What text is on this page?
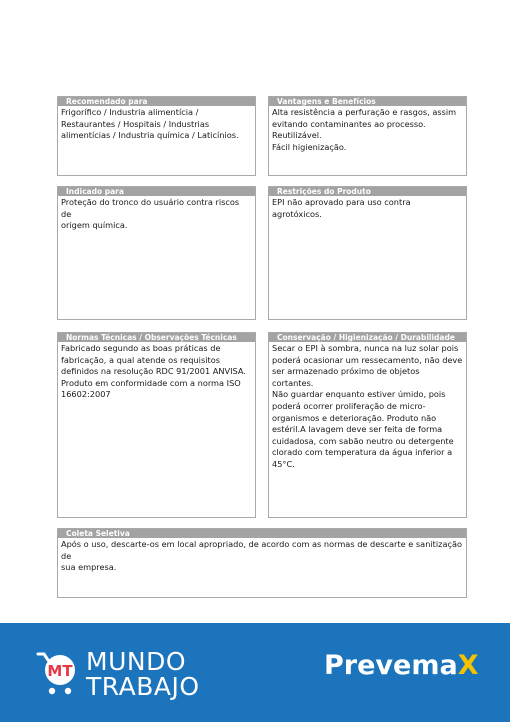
Recomendado para
Frigorífico / Industria alimentícia /
Restaurantes / Hospitais / Industrias
alimentícias / Industria química / Laticínios.
Vantagens e Benefícios
Alta resistência a perfuração e rasgos, assim
evitando contaminantes ao processo.
Reutilizável.
Fácil higienização.
Indicado para
Proteção do tronco do usuário contra riscos de
origem química.
Restrições do Produto
EPI não aprovado para uso contra agrotóxicos.
Normas Técnicas / Observações Técnicas
Fabricado segundo as boas práticas de
fabricação, a qual atende os requisitos
definidos na resolução RDC 91/2001 ANVISA.
Produto em conformidade com a norma ISO
16602:2007
Conservação / Higienização / Durabilidade
Secar o EPI à sombra, nunca na luz solar pois
poderá ocasionar um ressecamento, não deve
ser armazenado próximo de objetos cortantes.
Não guardar enquanto estiver úmido, pois
poderá ocorrer proliferação de micro-
organismos e deterioração. Produto não
estéril.A lavagem deve ser feita de forma
cuidadosa, com sabão neutro ou detergente
clorado com temperatura da água inferior a
45°C.
Coleta Seletiva
Após o uso, descarte-os em local apropriado, de acordo com as normas de descarte e sanitização de
sua empresa.
MT MUNDO
TRABAJO
PrevemaX
